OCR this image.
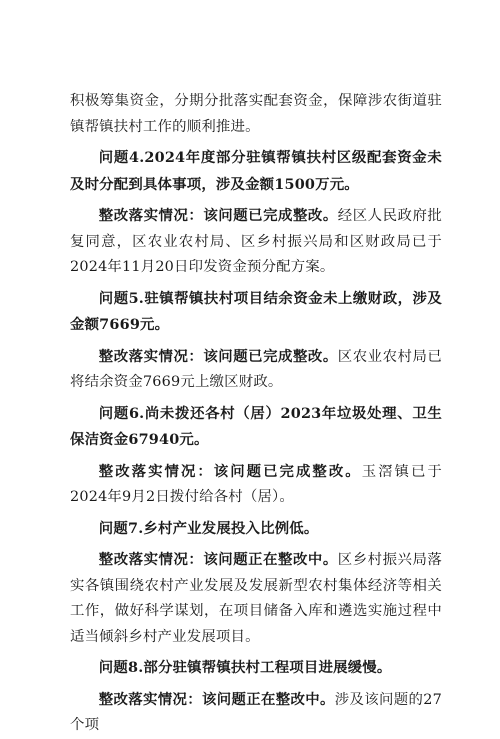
积极筹集资金，分期分批落实配套资金，保障涉农街道驻镇帮镇扶村工作的顺利推进。

问题4.2024年度部分驻镇帮镇扶村区级配套资金未及时分配到具体事项，涉及金额1500万元。

整改落实情况：该问题已完成整改。经区人民政府批复同意，区农业农村局、区乡村振兴局和区财政局已于2024年11月20日印发资金预分配方案。

问题5.驻镇帮镇扶村项目结余资金未上缴财政，涉及金额7669元。

整改落实情况：该问题已完成整改。区农业农村局已将结余资金7669元上缴区财政。

问题6.尚未拨还各村（居）2023年垃圾处理、卫生保洁资金67940元。

整改落实情况：该问题已完成整改。玉滘镇已于2024年9月2日拨付给各村（居）。

问题7.乡村产业发展投入比例低。

整改落实情况：该问题正在整改中。区乡村振兴局落实各镇围绕农村产业发展及发展新型农村集体经济等相关工作，做好科学谋划，在项目储备入库和遴选实施过程中适当倾斜乡村产业发展项目。

问题8.部分驻镇帮镇扶村工程项目进展缓慢。

整改落实情况：该问题正在整改中。涉及该问题的27个项
